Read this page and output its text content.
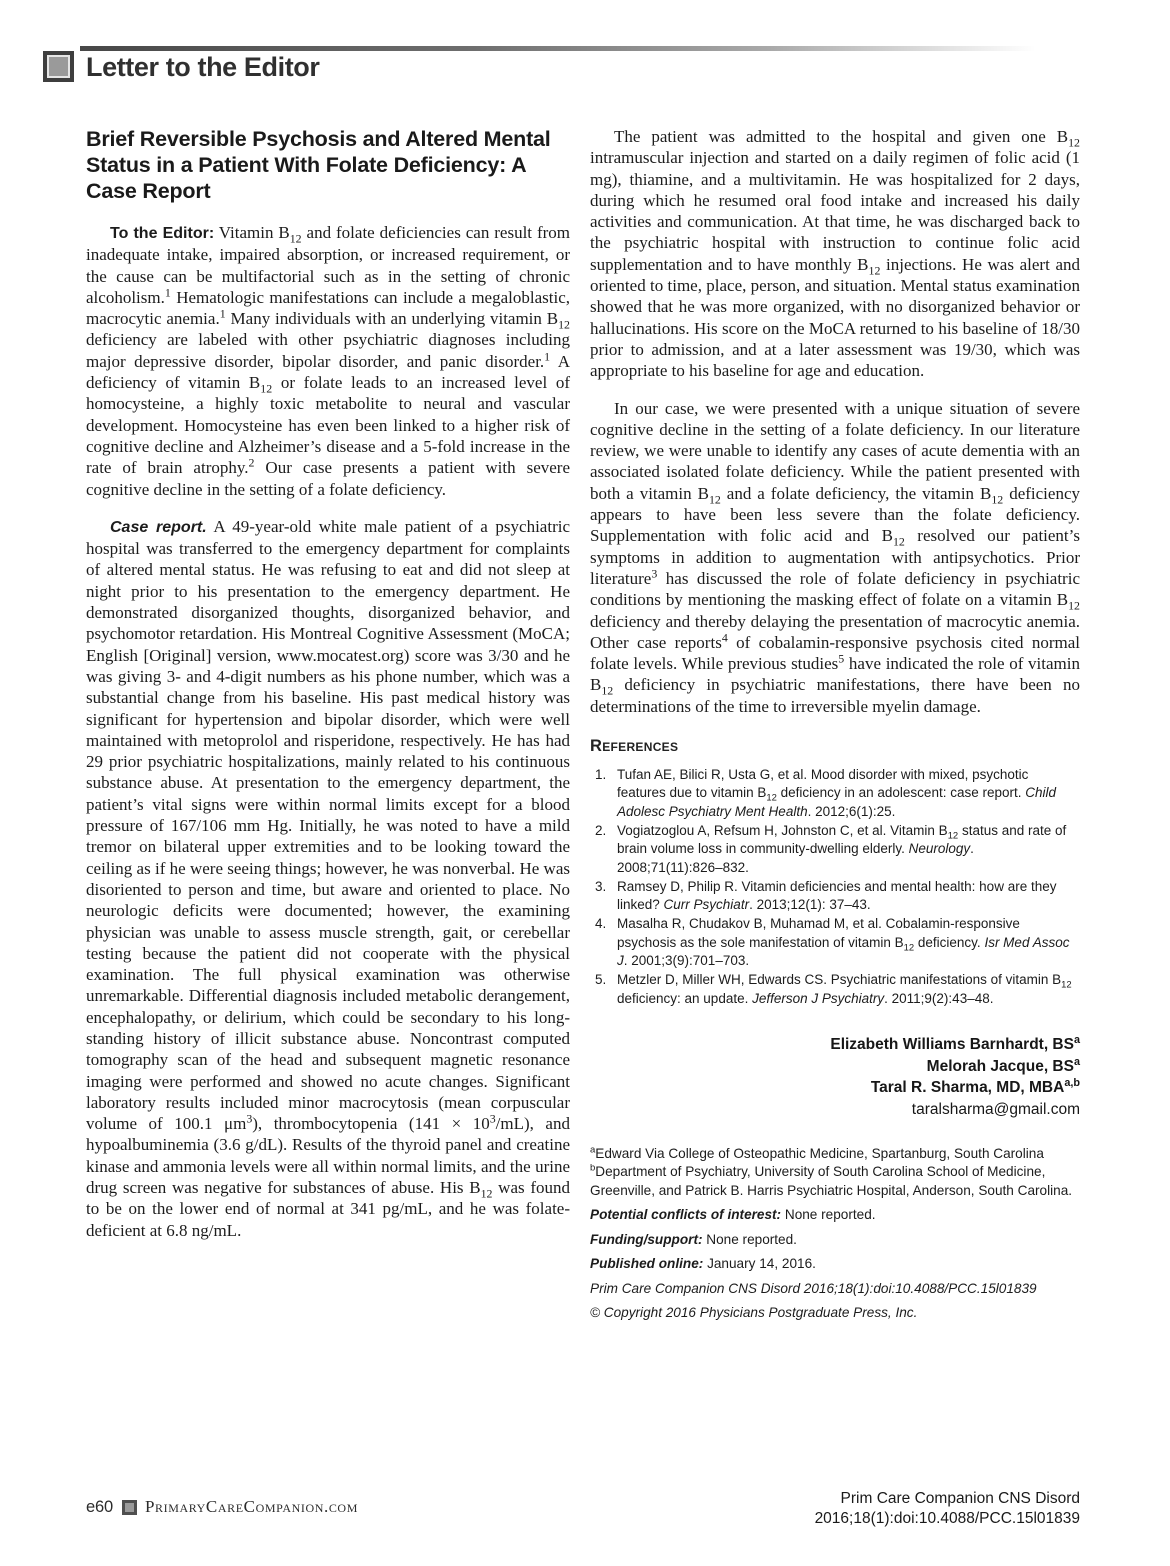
Letter to the Editor
Brief Reversible Psychosis and Altered Mental Status in a Patient With Folate Deficiency: A Case Report

To the Editor: Vitamin $B_{12}$ and folate deficiencies can result from inadequate intake, impaired absorption, or increased requirement, or the cause can be multifactorial such as in the setting of chronic alcoholism.$^1$ Hematologic manifestations can include a megaloblastic, macrocytic anemia.$^1$ Many individuals with an underlying vitamin $B_{12}$ deficiency are labeled with other psychiatric diagnoses including major depressive disorder, bipolar disorder, and panic disorder.$^1$ A deficiency of vitamin $B_{12}$ or folate leads to an increased level of homocysteine, a highly toxic metabolite to neural and vascular development. Homocysteine has even been linked to a higher risk of cognitive decline and Alzheimer’s disease and a 5-fold increase in the rate of brain atrophy.$^2$ Our case presents a patient with severe cognitive decline in the setting of a folate deficiency.

Case report. A 49-year-old white male patient of a psychiatric hospital was transferred to the emergency department for complaints of altered mental status. He was refusing to eat and did not sleep at night prior to his presentation to the emergency department. He demonstrated disorganized thoughts, disorganized behavior, and psychomotor retardation. His Montreal Cognitive Assessment (MoCA; English [Original] version, www.mocatest.org) score was 3/30 and he was giving 3- and 4-digit numbers as his phone number, which was a substantial change from his baseline. His past medical history was significant for hypertension and bipolar disorder, which were well maintained with metoprolol and risperidone, respectively. He has had 29 prior psychiatric hospitalizations, mainly related to his continuous substance abuse. At presentation to the emergency department, the patient’s vital signs were within normal limits except for a blood pressure of 167/106 mm Hg. Initially, he was noted to have a mild tremor on bilateral upper extremities and to be looking toward the ceiling as if he were seeing things; however, he was nonverbal. He was disoriented to person and time, but aware and oriented to place. No neurologic deficits were documented; however, the examining physician was unable to assess muscle strength, gait, or cerebellar testing because the patient did not cooperate with the physical examination. The full physical examination was otherwise unremarkable. Differential diagnosis included metabolic derangement, encephalopathy, or delirium, which could be secondary to his long-standing history of illicit substance abuse. Noncontrast computed tomography scan of the head and subsequent magnetic resonance imaging were performed and showed no acute changes. Significant laboratory results included minor macrocytosis (mean corpuscular volume of 100.1 $\mu m^3$), thrombocytopenia $(141 \times 10^3/mL)$, and hypoalbuminemia (3.6 g/dL). Results of the thyroid panel and creatine kinase and ammonia levels were all within normal limits, and the urine drug screen was negative for substances of abuse. His $B_{12}$ was found to be on the lower end of normal at 341 pg/mL, and he was folate-deficient at 6.8 ng/mL.

The patient was admitted to the hospital and given one $B_{12}$ intramuscular injection and started on a daily regimen of folic acid (1 mg), thiamine, and a multivitamin. He was hospitalized for 2 days, during which he resumed oral food intake and increased his daily activities and communication. At that time, he was discharged back to the psychiatric hospital with instruction to continue folic acid supplementation and to have monthly $B_{12}$ injections. He was alert and oriented to time, place, person, and situation. Mental status examination showed that he was more organized, with no disorganized behavior or hallucinations. His score on the MoCA returned to his baseline of 18/30 prior to admission, and at a later assessment was 19/30, which was appropriate to his baseline for age and education.

In our case, we were presented with a unique situation of severe cognitive decline in the setting of a folate deficiency. In our literature review, we were unable to identify any cases of acute dementia with an associated isolated folate deficiency. While the patient presented with both a vitamin $B_{12}$ and a folate deficiency, the vitamin $B_{12}$ deficiency appears to have been less severe than the folate deficiency. Supplementation with folic acid and $B_{12}$ resolved our patient’s symptoms in addition to augmentation with antipsychotics. Prior literature$^3$ has discussed the role of folate deficiency in psychiatric conditions by mentioning the masking effect of folate on a vitamin $B_{12}$ deficiency and thereby delaying the presentation of macrocytic anemia. Other case reports$^4$ of cobalamin-responsive psychosis cited normal folate levels. While previous studies$^5$ have indicated the role of vitamin $B_{12}$ deficiency in psychiatric manifestations, there have been no determinations of the time to irreversible myelin damage.

References
1. Tufan AE, Bilici R, Usta G, et al. Mood disorder with mixed, psychotic features due to vitamin $B_{12}$ deficiency in an adolescent: case report. Child Adolesc Psychiatry Ment Health. 2012;6(1):25.
2. Vogiatzoglou A, Refsum H, Johnston C, et al. Vitamin $B_{12}$ status and rate of brain volume loss in community-dwelling elderly. Neurology. 2008;71(11):826–832.
3. Ramsey D, Philip R. Vitamin deficiencies and mental health: how are they linked? Curr Psychiatr. 2013;12(1): 37–43.
4. Masalha R, Chudakov B, Muhamad M, et al. Cobalamin-responsive psychosis as the sole manifestation of vitamin $B_{12}$ deficiency. Isr Med Assoc J. 2001;3(9):701–703.
5. Metzler D, Miller WH, Edwards CS. Psychiatric manifestations of vitamin $B_{12}$ deficiency: an update. Jefferson J Psychiatry. 2011;9(2):43–48.
Elizabeth Williams Barnhardt, $BS^a$
Melorah Jacque, $BS^a$
Taral R. Sharma, MD, MBA$^{a,b}$
taralsharma@gmail.com

$^a$Edward Via College of Osteopathic Medicine, Spartanburg, South Carolina

$^b$Department of Psychiatry, University of South Carolina School of Medicine, Greenville, and Patrick B. Harris Psychiatric Hospital, Anderson, South Carolina.

Potential conflicts of interest: None reported.

Funding/support: None reported.

Published online: January 14, 2016.

Prim Care Companion CNS Disord 2016;18(1):doi:10.4088/PCC.15l01839

© Copyright 2016 Physicians Postgraduate Press, Inc.

e60 PrimaryCareCompanion.com	Prim Care Companion CNS Disord
2016;18(1):doi:10.4088/PCC.15l01839
